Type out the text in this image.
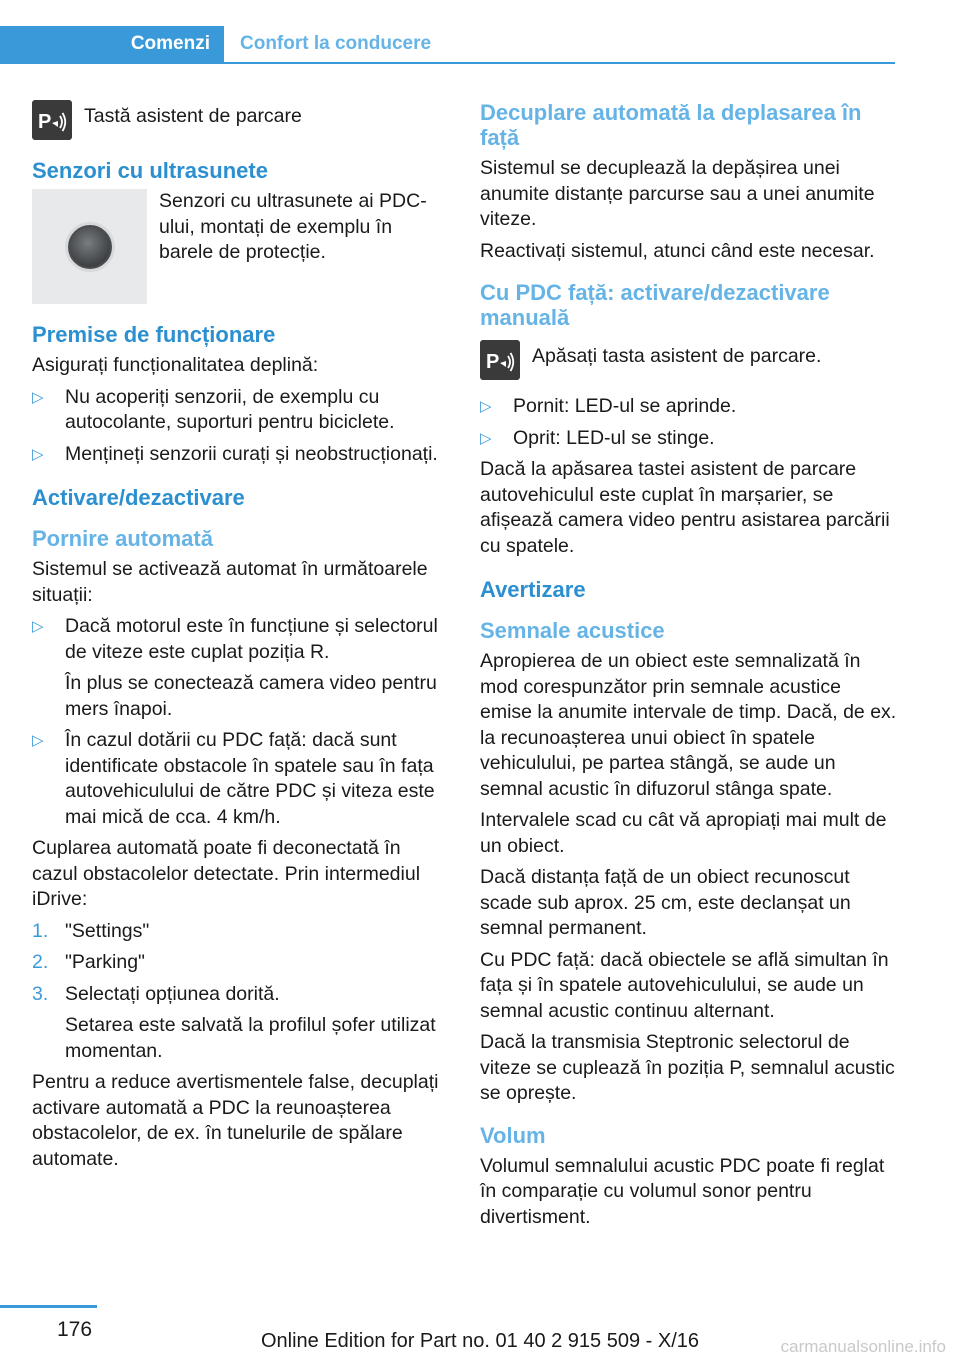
Comenzi	Confort la conducere
P Tastă asistent de parcare
Senzori cu ultrasunete
Senzori cu ultrasunete ai PDC-ului, montați de exemplu în barele de protecție.
Premise de funcționare
Asigurați funcționalitatea deplină:
▷ Nu acoperiți senzorii, de exemplu cu autocolante, suporturi pentru biciclete.
▷ Mențineți senzorii curați și neobstrucționați.
Activare/dezactivare
Pornire automată
Sistemul se activează automat în următoarele situații:
▷ Dacă motorul este în funcțiune și selectorul de viteze este cuplat poziția R.
În plus se conectează camera video pentru mers înapoi.
▷ În cazul dotării cu PDC față: dacă sunt identificate obstacole în spatele sau în fața autovehiculului de către PDC și viteza este mai mică de cca. 4 km/h.
Cuplarea automată poate fi deconectată în cazul obstacolelor detectate. Prin intermediul iDrive:
1. "Settings"
2. "Parking"
3. Selectați opțiunea dorită.
Setarea este salvată la profilul șofer utilizat momentan.
Pentru a reduce avertismentele false, decuplați activare automată a PDC la reunoașterea obstacolelor, de ex. în tunelurile de spălare automate.
Decuplare automată la deplasarea în față
Sistemul se decuplează la depășirea unei anumite distanțe parcurse sau a unei anumite viteze.
Reactivați sistemul, atunci când este necesar.
Cu PDC față: activare/dezactivare manuală
P Apăsați tasta asistent de parcare.
▷ Pornit: LED-ul se aprinde.
▷ Oprit: LED-ul se stinge.
Dacă la apăsarea tastei asistent de parcare autovehiculul este cuplat în marșarier, se afișează camera video pentru asistarea parcării cu spatele.
Avertizare
Semnale acustice
Apropierea de un obiect este semnalizată în mod corespunzător prin semnale acustice emise la anumite intervale de timp. Dacă, de ex. la recunoașterea unui obiect în spatele vehiculului, pe partea stângă, se aude un semnal acustic în difuzorul stânga spate.
Intervalele scad cu cât vă apropiați mai mult de un obiect.
Dacă distanța față de un obiect recunoscut scade sub aprox. 25 cm, este declanșat un semnal permanent.
Cu PDC față: dacă obiectele se află simultan în fața și în spatele autovehiculului, se aude un semnal acustic continuu alternant.
Dacă la transmisia Steptronic selectorul de viteze se cuplează în poziția P, semnalul acustic se oprește.
Volum
Volumul semnalului acustic PDC poate fi reglat în comparație cu volumul sonor pentru divertisment.
176	Online Edition for Part no. 01 40 2 915 509 - X/16	carmanualsonline.info
